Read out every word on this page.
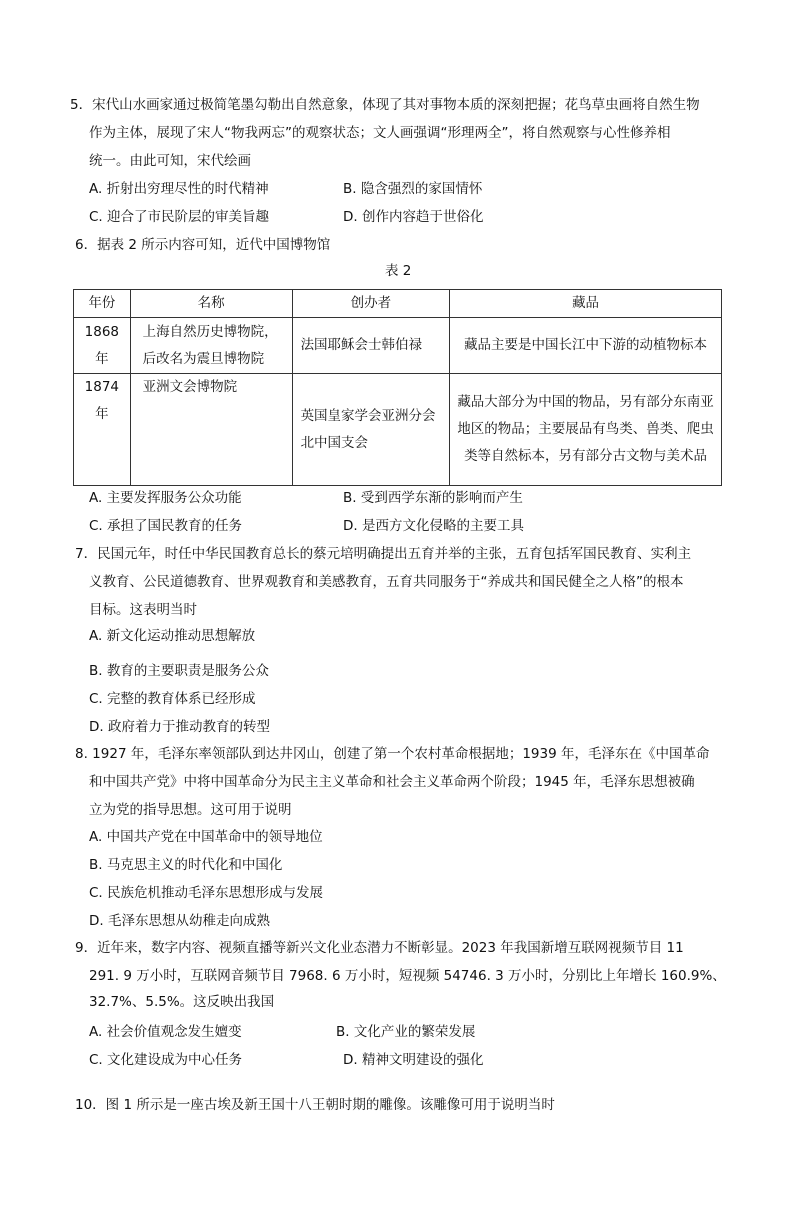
5．宋代山水画家通过极简笔墨勾勒出自然意象，体现了其对事物本质的深刻把握；花鸟草虫画将自然生物
作为主体，展现了宋人“物我两忘”的观察状态；文人画强调“形理两全”，将自然观察与心性修养相
统一。由此可知，宋代绘画
A. 折射出穷理尽性的时代精神	B. 隐含强烈的家国情怀
C. 迎合了市民阶层的审美旨趣	D. 创作内容趋于世俗化
6．据表 2 所示内容可知，近代中国博物馆
表 2
年份	名称	创办者	藏品
1868 年	上海自然历史博物院，后改名为震旦博物院	法国耶稣会士韩伯禄	藏品主要是中国长江中下游的动植物标本
1874 年	亚洲文会博物院	英国皇家学会亚洲分会北中国支会	藏品大部分为中国的物品，另有部分东南亚地区的物品；主要展品有鸟类、兽类、爬虫类等自然标本，另有部分古文物与美术品
A. 主要发挥服务公众功能	B. 受到西学东渐的影响而产生
C. 承担了国民教育的任务	D. 是西方文化侵略的主要工具
7．民国元年，时任中华民国教育总长的蔡元培明确提出五育并举的主张，五育包括军国民教育、实利主
义教育、公民道德教育、世界观教育和美感教育，五育共同服务于“养成共和国民健全之人格”的根本
目标。这表明当时
A. 新文化运动推动思想解放
B. 教育的主要职责是服务公众
C. 完整的教育体系已经形成
D. 政府着力于推动教育的转型
8. 1927 年，毛泽东率领部队到达井冈山，创建了第一个农村革命根据地；1939 年，毛泽东在《中国革命
和中国共产党》中将中国革命分为民主主义革命和社会主义革命两个阶段；1945 年，毛泽东思想被确
立为党的指导思想。这可用于说明
A. 中国共产党在中国革命中的领导地位
B. 马克思主义的时代化和中国化
C. 民族危机推动毛泽东思想形成与发展
D. 毛泽东思想从幼稚走向成熟
9．近年来，数字内容、视频直播等新兴文化业态潜力不断彰显。2023 年我国新增互联网视频节目 11
291. 9 万小时，互联网音频节目 7968. 6 万小时，短视频 54746. 3 万小时，分别比上年增长 160.9%、
32.7%、5.5%。这反映出我国
A. 社会价值观念发生嬗变	B. 文化产业的繁荣发展
C. 文化建设成为中心任务	D. 精神文明建设的强化
10．图 1 所示是一座古埃及新王国十八王朝时期的雕像。该雕像可用于说明当时
